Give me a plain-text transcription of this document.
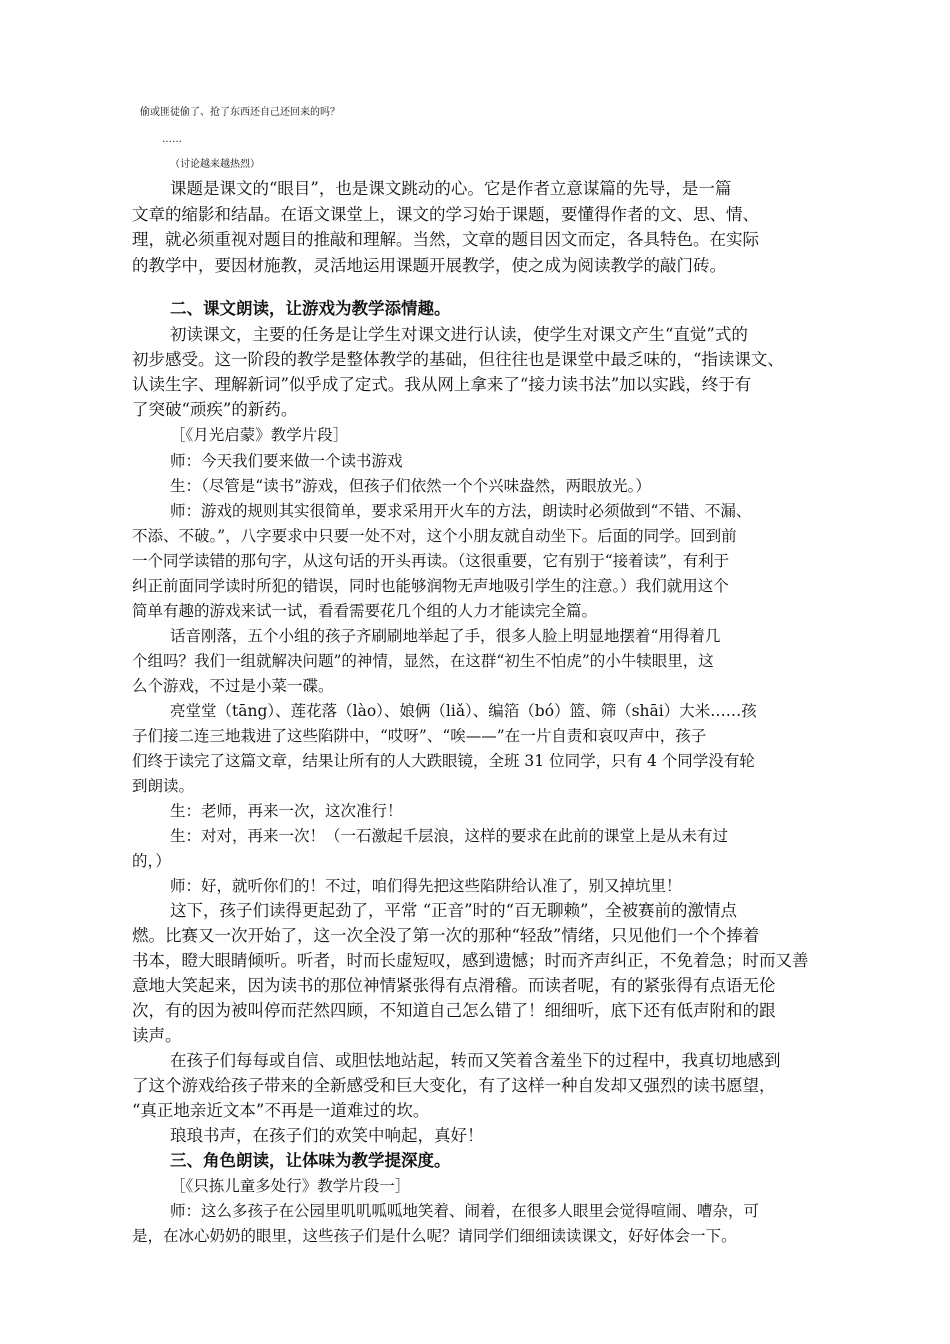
偷或匪徒偷了、抢了东西还自己还回来的吗？
……
（讨论越来越热烈）
课题是课文的“眼目”，也是课文跳动的心。它是作者立意谋篇的先导，是一篇
文章的缩影和结晶。在语文课堂上，课文的学习始于课题，要懂得作者的文、思、情、
理，就必须重视对题目的推敲和理解。当然，文章的题目因文而定，各具特色。在实际
的教学中，要因材施教，灵活地运用课题开展教学，使之成为阅读教学的敲门砖。
二、课文朗读，让游戏为教学添情趣。
初读课文，主要的任务是让学生对课文进行认读，使学生对课文产生“直觉”式的
初步感受。这一阶段的教学是整体教学的基础，但往往也是课堂中最乏味的，“指读课文、
认读生字、理解新词”似乎成了定式。我从网上拿来了“接力读书法”加以实践，终于有
了突破“顽疾”的新药。
［《月光启蒙》教学片段］
师：今天我们要来做一个读书游戏
生：（尽管是“读书”游戏，但孩子们依然一个个兴味盎然，两眼放光。）
师：游戏的规则其实很简单，要求采用开火车的方法，朗读时必须做到“不错、不漏、
不添、不破。”，八字要求中只要一处不对，这个小朋友就自动坐下。后面的同学。回到前
一个同学读错的那句字，从这句话的开头再读。（这很重要，它有别于“接着读”，有利于
纠正前面同学读时所犯的错误，同时也能够润物无声地吸引学生的注意。）我们就用这个
简单有趣的游戏来试一试，看看需要花几个组的人力才能读完全篇。
话音刚落，五个小组的孩子齐刷刷地举起了手，很多人脸上明显地摆着“用得着几
个组吗？我们一组就解决问题”的神情，显然，在这群“初生不怕虎”的小牛犊眼里，这
么个游戏，不过是小菜一碟。
亮堂堂（tāng）、莲花落（lào）、娘俩（liǎ）、编箔（bó）篮、筛（shāi）大米……孩
子们接二连三地栽进了这些陷阱中，“哎呀”、“唉——”在一片自责和哀叹声中，孩子
们终于读完了这篇文章，结果让所有的人大跌眼镜，全班 31 位同学，只有 4 个同学没有轮
到朗读。
生：老师，再来一次，这次准行！
生：对对，再来一次！（一石激起千层浪，这样的要求在此前的课堂上是从未有过
的，）
师：好，就听你们的！不过，咱们得先把这些陷阱给认准了，别又掉坑里！
这下，孩子们读得更起劲了，平常 “正音”时的“百无聊赖”，全被赛前的激情点
燃。比赛又一次开始了，这一次全没了第一次的那种“轻敌”情绪，只见他们一个个捧着
书本，瞪大眼睛倾听。听者，时而长虚短叹，感到遗憾；时而齐声纠正，不免着急；时而又善
意地大笑起来，因为读书的那位神情紧张得有点滑稽。而读者呢，有的紧张得有点语无伦
次，有的因为被叫停而茫然四顾，不知道自己怎么错了！细细听，底下还有低声附和的跟
读声。
在孩子们每每或自信、或胆怯地站起，转而又笑着含羞坐下的过程中，我真切地感到
了这个游戏给孩子带来的全新感受和巨大变化，有了这样一种自发却又强烈的读书愿望，
“真正地亲近文本”不再是一道难过的坎。
琅琅书声，在孩子们的欢笑中响起，真好！
三、角色朗读，让体味为教学提深度。
［《只拣儿童多处行》教学片段一］
师：这么多孩子在公园里叽叽呱呱地笑着、闹着，在很多人眼里会觉得喧闹、嘈杂，可
是，在冰心奶奶的眼里，这些孩子们是什么呢？请同学们细细读读课文，好好体会一下。
